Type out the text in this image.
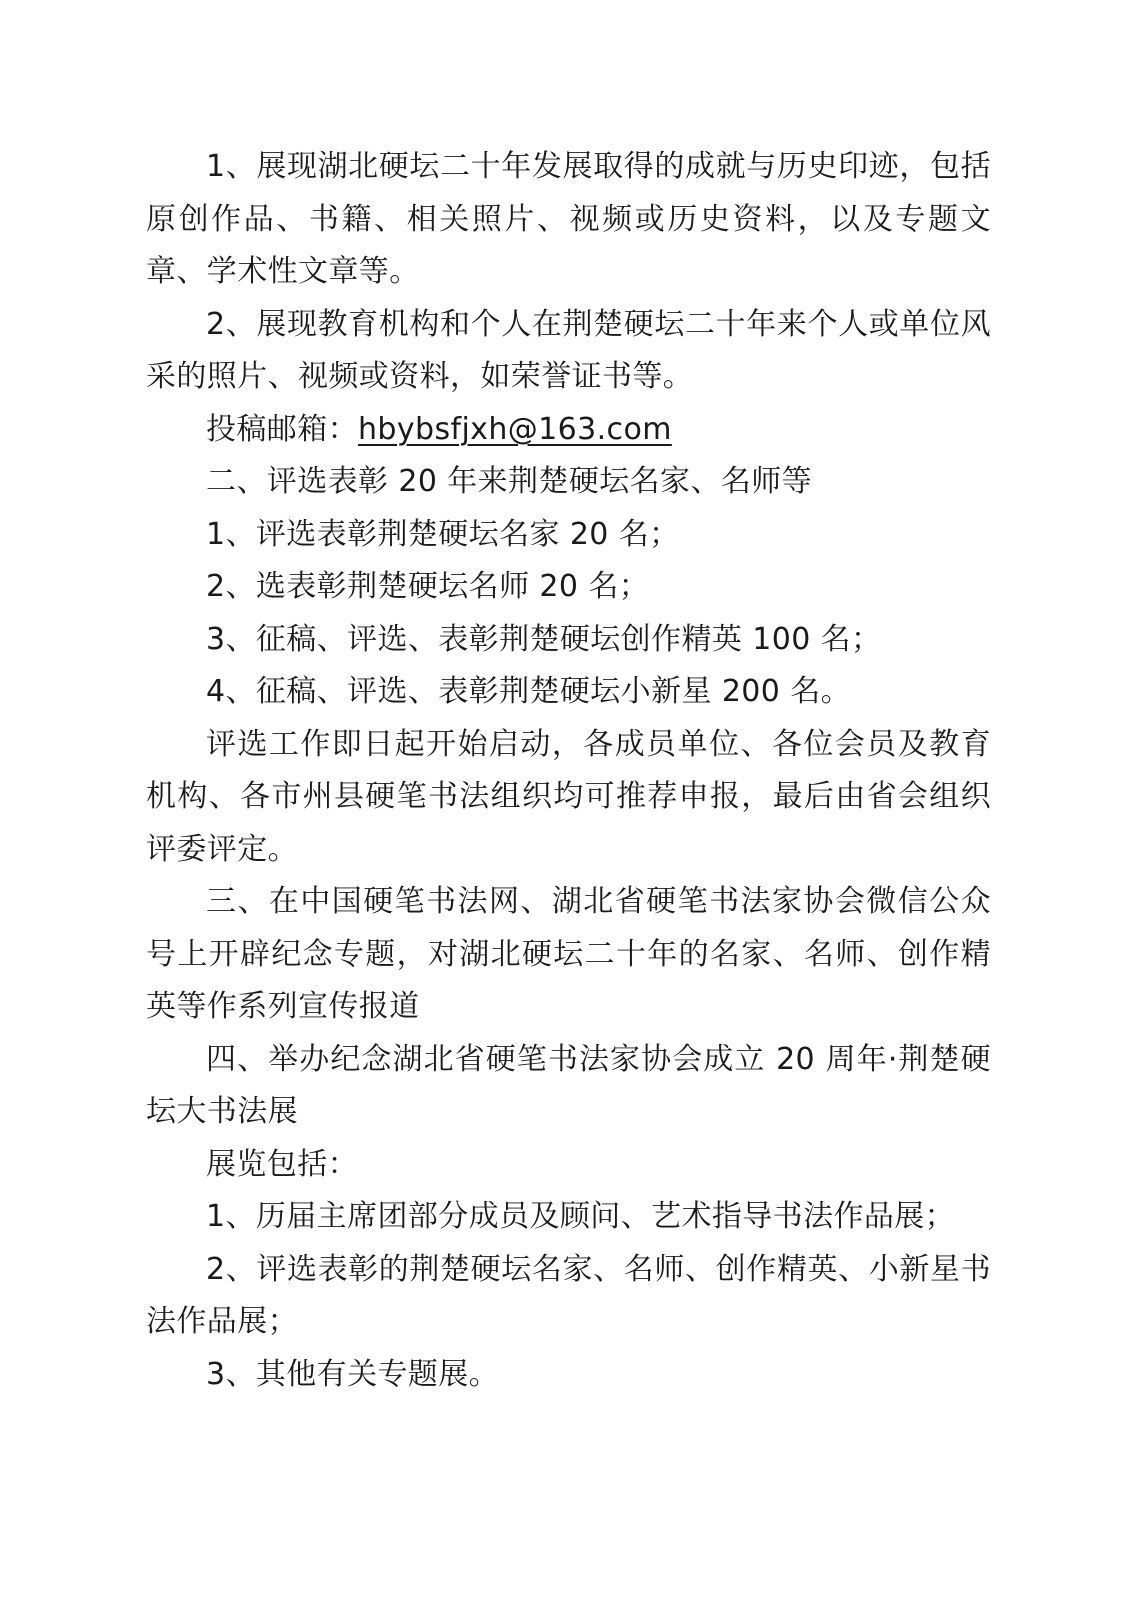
1、展现湖北硬坛二十年发展取得的成就与历史印迹，包括原创作品、书籍、相关照片、视频或历史资料，以及专题文章、学术性文章等。

2、展现教育机构和个人在荆楚硬坛二十年来个人或单位风采的照片、视频或资料，如荣誉证书等。

投稿邮箱：hbybsfjxh@163.com

二、评选表彰 20 年来荆楚硬坛名家、名师等

1、评选表彰荆楚硬坛名家 20 名；

2、选表彰荆楚硬坛名师 20 名；

3、征稿、评选、表彰荆楚硬坛创作精英 100 名；

4、征稿、评选、表彰荆楚硬坛小新星 200 名。

评选工作即日起开始启动，各成员单位、各位会员及教育机构、各市州县硬笔书法组织均可推荐申报，最后由省会组织评委评定。

三、在中国硬笔书法网、湖北省硬笔书法家协会微信公众号上开辟纪念专题，对湖北硬坛二十年的名家、名师、创作精英等作系列宣传报道

四、举办纪念湖北省硬笔书法家协会成立 20 周年·荆楚硬坛大书法展

展览包括：

1、历届主席团部分成员及顾问、艺术指导书法作品展；

2、评选表彰的荆楚硬坛名家、名师、创作精英、小新星书法作品展；

3、其他有关专题展。
